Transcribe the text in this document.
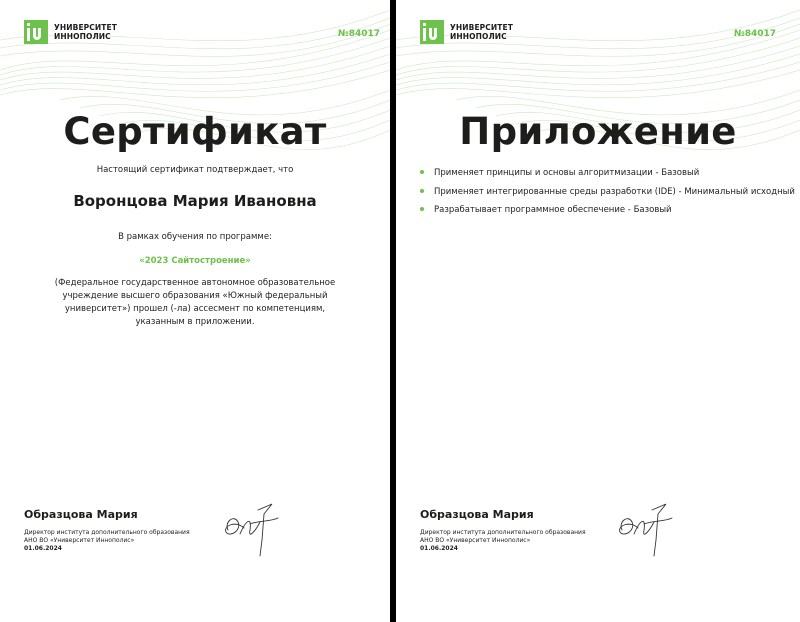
УНИВЕРСИТЕТ
ИННОПОЛИС	№84017
Сертификат
Настоящий сертификат подтверждает, что
Воронцова Мария Ивановна
В рамках обучения по программе:
«2023 Сайтостроение»
(Федеральное государственное автономное образовательное учреждение высшего образования «Южный федеральный университет») прошел (-ла) ассесмент по компетенциям, указанным в приложении.
Образцова Мария
Директор института дополнительного образования
АНО ВО «Университет Иннополис»
01.06.2024
УНИВЕРСИТЕТ
ИННОПОЛИС	№84017
Приложение
Применяет принципы и основы алгоритмизации - Базовый
Применяет интегрированные среды разработки (IDE) - Минимальный исходный
Разрабатывает программное обеспечение - Базовый
Образцова Мария
Директор института дополнительного образования
АНО ВО «Университет Иннополис»
01.06.2024
